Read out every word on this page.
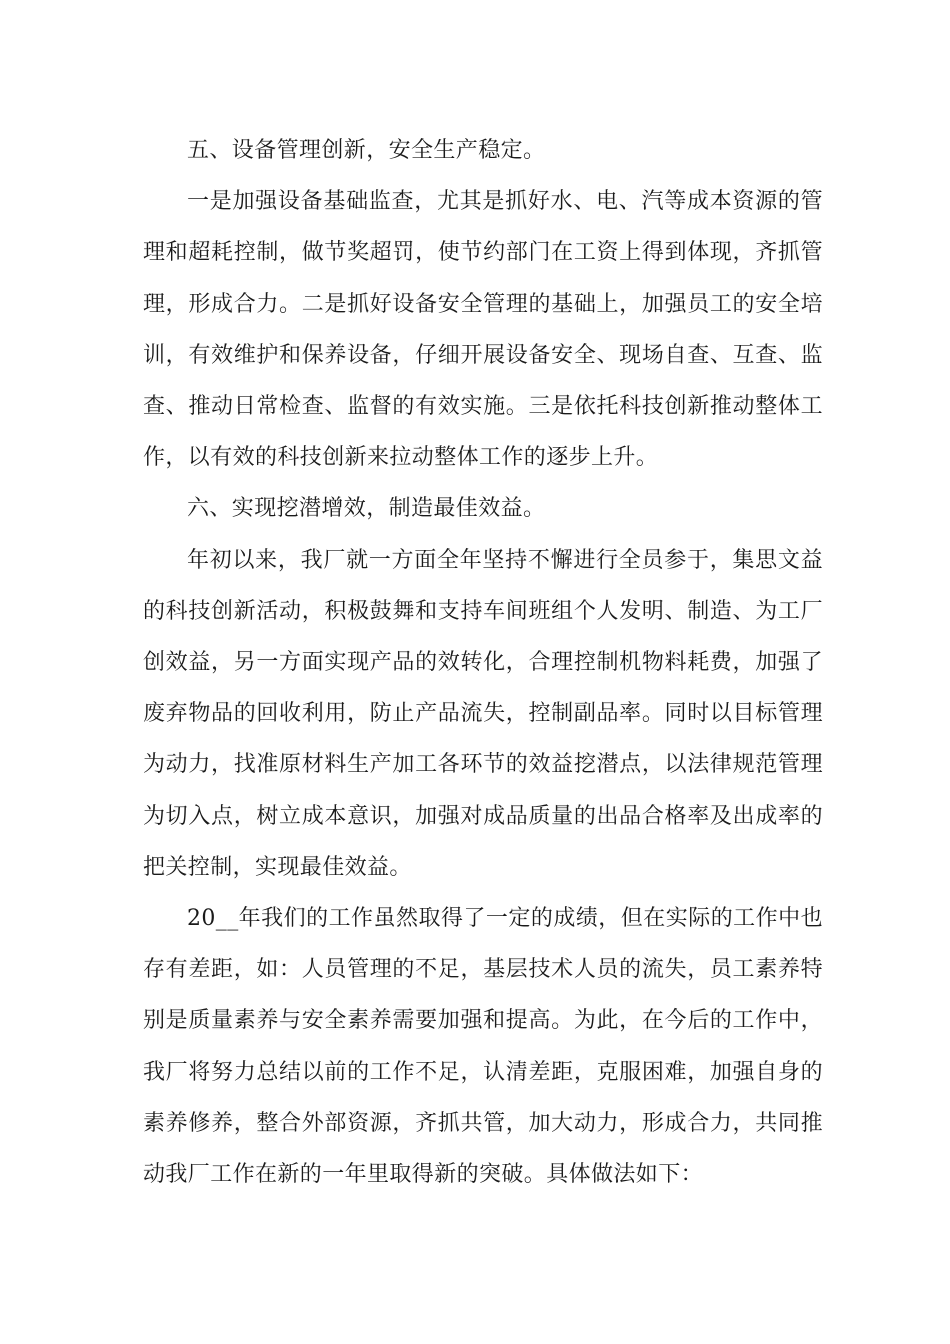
五、设备管理创新，安全生产稳定。

一是加强设备基础监查，尤其是抓好水、电、汽等成本资源的管理和超耗控制，做节奖超罚，使节约部门在工资上得到体现，齐抓管理，形成合力。二是抓好设备安全管理的基础上，加强员工的安全培训，有效维护和保养设备，仔细开展设备安全、现场自查、互查、监查、推动日常检查、监督的有效实施。三是依托科技创新推动整体工作，以有效的科技创新来拉动整体工作的逐步上升。

六、实现挖潜增效，制造最佳效益。

年初以来，我厂就一方面全年坚持不懈进行全员参于，集思文益的科技创新活动，积极鼓舞和支持车间班组个人发明、制造、为工厂创效益，另一方面实现产品的效转化，合理控制机物料耗费，加强了废弃物品的回收利用，防止产品流失，控制副品率。同时以目标管理为动力，找准原材料生产加工各环节的效益挖潜点，以法律规范管理为切入点，树立成本意识，加强对成品质量的出品合格率及出成率的把关控制，实现最佳效益。

20__年我们的工作虽然取得了一定的成绩，但在实际的工作中也存有差距，如：人员管理的不足，基层技术人员的流失，员工素养特别是质量素养与安全素养需要加强和提高。为此，在今后的工作中，我厂将努力总结以前的工作不足，认清差距，克服困难，加强自身的素养修养，整合外部资源，齐抓共管，加大动力，形成合力，共同推动我厂工作在新的一年里取得新的突破。具体做法如下：
